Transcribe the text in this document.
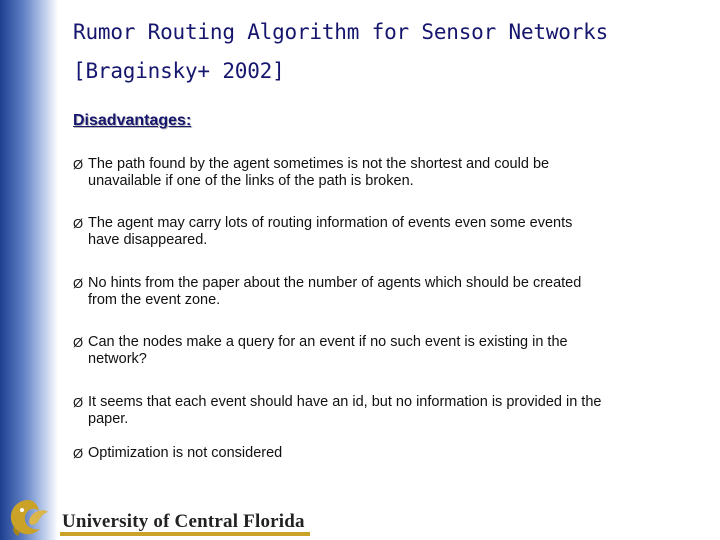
Rumor Routing Algorithm for Sensor Networks
[Braginsky+ 2002]
Disadvantages:
Ø The path found by the agent sometimes is not the shortest and could be
unavailable if one of the links of the path is broken.
Ø The agent may carry lots of routing information of events even some events
have disappeared.
Ø No hints from the paper about the number of agents which should be created
from the event zone.
Ø Can the nodes make a query for an event if no such event is existing in the
network?
Ø It seems that each event should have an id, but no information is provided in the
paper.
Ø Optimization is not considered
University of Central Florida
